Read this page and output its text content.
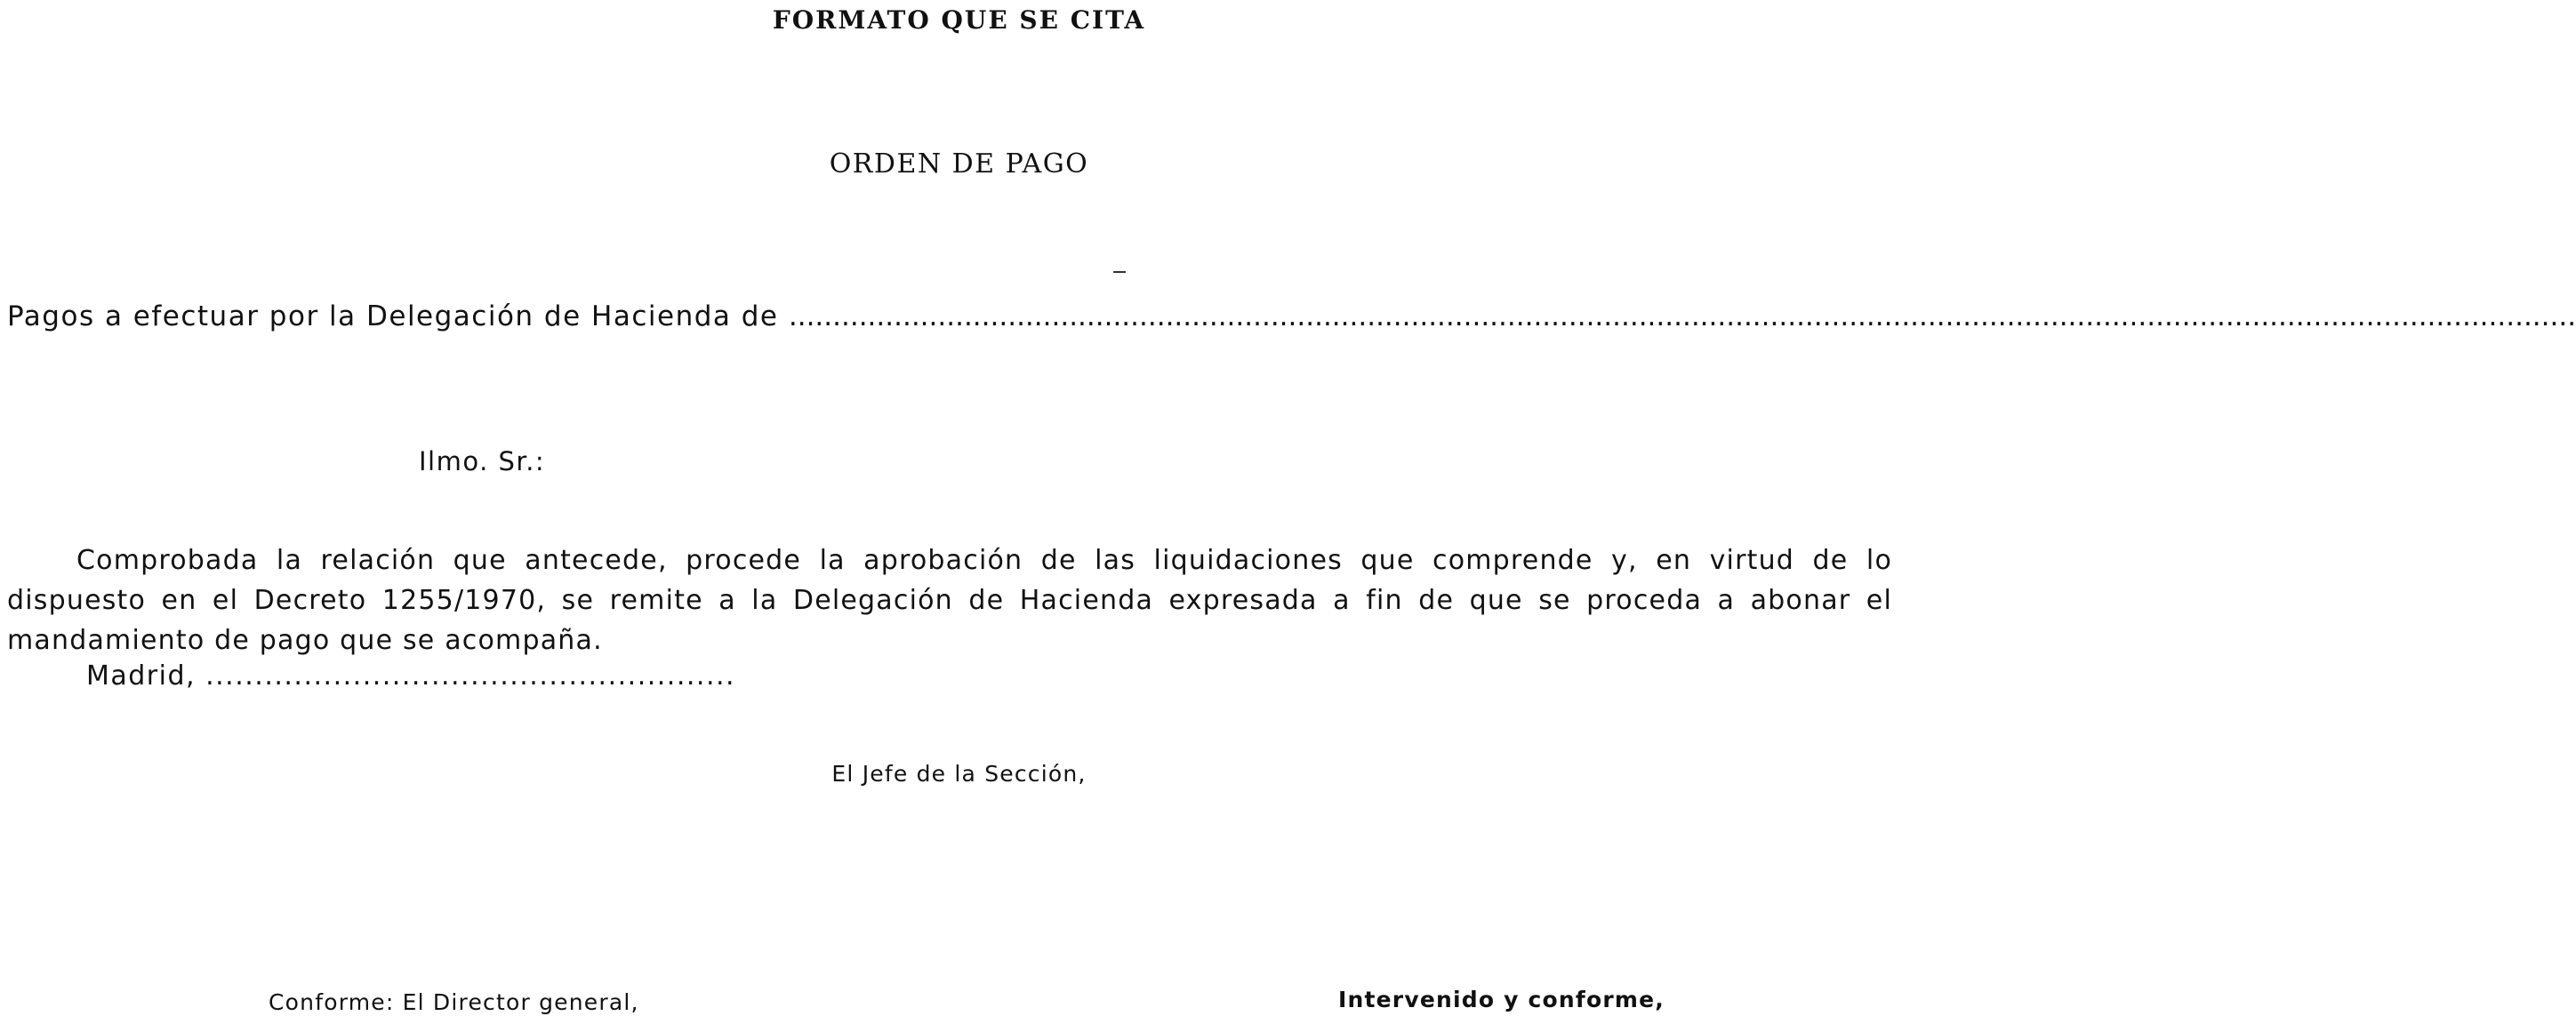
FORMATO QUE SE CITA
ORDEN DE PAGO
Pagos a efectuar por la Delegación de Hacienda de ............................................................................................................................................................................................................
Ilmo. Sr.:

Comprobada la relación que antecede, procede la aprobación de las liquidaciones que comprende y, en virtud de lo dispuesto en el Decreto 1255/1970, se remite a la Delegación de Hacienda expresada a fin de que se proceda a abonar el mandamiento de pago que se acompaña.

Madrid, ......................................................
El Jefe de la Sección,
Conforme: El Director general,	Intervenido y conforme,
